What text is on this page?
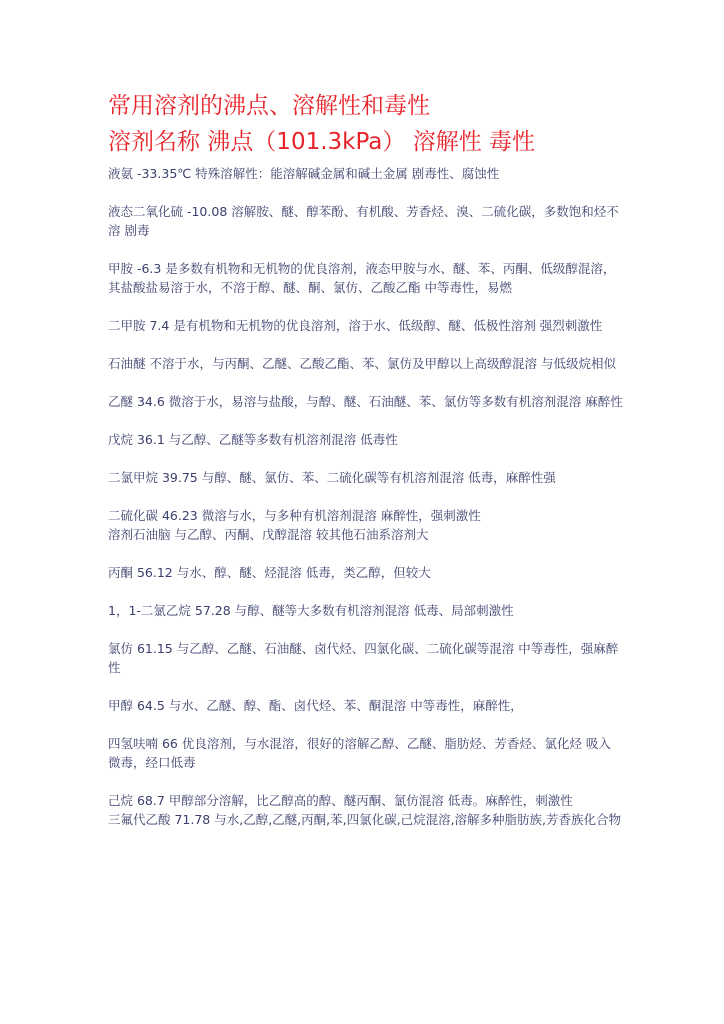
常用溶剂的沸点、溶解性和毒性
溶剂名称 沸点（101.3kPa） 溶解性 毒性

液氨 -33.35℃ 特殊溶解性：能溶解碱金属和碱土金属 剧毒性、腐蚀性

液态二氧化硫 -10.08 溶解胺、醚、醇苯酚、有机酸、芳香烃、溴、二硫化碳，多数饱和烃不溶 剧毒

甲胺 -6.3 是多数有机物和无机物的优良溶剂，液态甲胺与水、醚、苯、丙酮、低级醇混溶，其盐酸盐易溶于水，不溶于醇、醚、酮、氯仿、乙酸乙酯 中等毒性，易燃

二甲胺 7.4 是有机物和无机物的优良溶剂，溶于水、低级醇、醚、低极性溶剂 强烈刺激性

石油醚 不溶于水，与丙酮、乙醚、乙酸乙酯、苯、氯仿及甲醇以上高级醇混溶 与低级烷相似

乙醚 34.6 微溶于水，易溶与盐酸，与醇、醚、石油醚、苯、氯仿等多数有机溶剂混溶 麻醉性

戊烷 36.1 与乙醇、乙醚等多数有机溶剂混溶 低毒性

二氯甲烷 39.75 与醇、醚、氯仿、苯、二硫化碳等有机溶剂混溶 低毒，麻醉性强

二硫化碳 46.23 微溶与水，与多种有机溶剂混溶 麻醉性，强刺激性

溶剂石油脑 与乙醇、丙酮、戊醇混溶 较其他石油系溶剂大

丙酮 56.12 与水、醇、醚、烃混溶 低毒，类乙醇，但较大

1，1-二氯乙烷 57.28 与醇、醚等大多数有机溶剂混溶 低毒、局部刺激性

氯仿 61.15 与乙醇、乙醚、石油醚、卤代烃、四氯化碳、二硫化碳等混溶 中等毒性，强麻醉性

甲醇 64.5 与水、乙醚、醇、酯、卤代烃、苯、酮混溶 中等毒性，麻醉性，

四氢呋喃 66 优良溶剂，与水混溶，很好的溶解乙醇、乙醚、脂肪烃、芳香烃、氯化烃 吸入微毒，经口低毒

己烷 68.7 甲醇部分溶解，比乙醇高的醇、醚丙酮、氯仿混溶 低毒。麻醉性，刺激性

三氟代乙酸 71.78 与水,乙醇,乙醚,丙酮,苯,四氯化碳,己烷混溶,溶解多种脂肪族,芳香族化合物
